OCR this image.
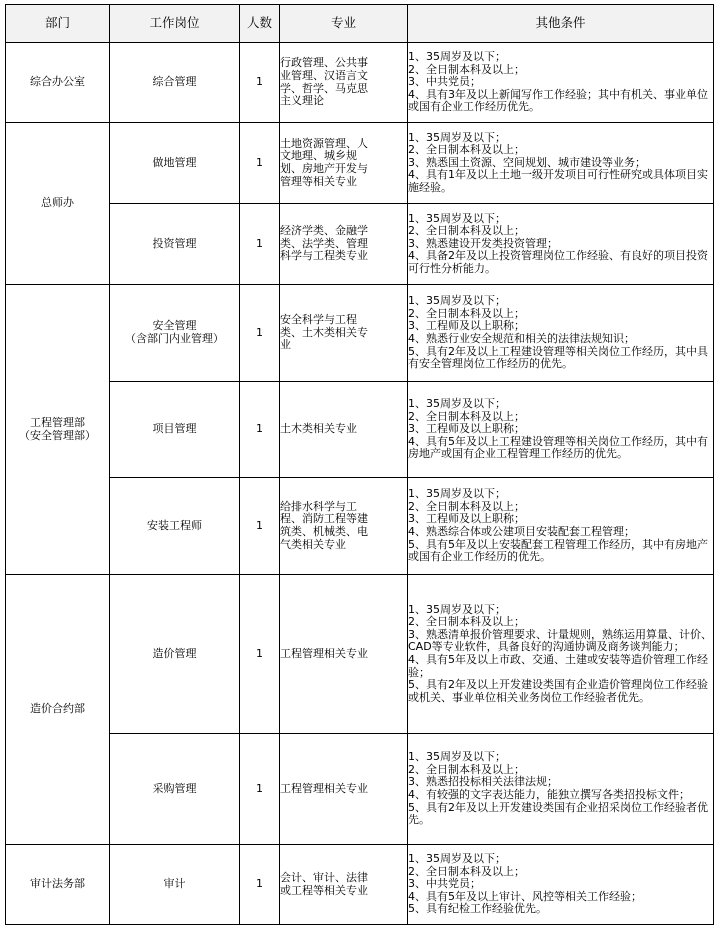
部门	工作岗位	人数	专业	其他条件

综合办公室	综合管理	1	行政管理、公共事
业管理、汉语言文
学、哲学、马克思
主义理论	1、35周岁及以下；
2、全日制本科及以上；
3、中共党员；
4、具有3年及以上新闻写作工作经验；其中有机关、事业单位或国有企业工作经历优先。

总师办	做地管理	1	土地资源管理、人
文地理、城乡规
划、房地产开发与
管理等相关专业	1、35周岁及以下；
2、全日制本科及以上；
3、熟悉国土资源、空间规划、城市建设等业务；
4、具有1年及以上土地一级开发项目可行性研究或具体项目实施经验。

	投资管理	1	经济学类、金融学
类、法学类、管理
科学与工程类专业	1、35周岁及以下；
2、全日制本科及以上；
3、熟悉建设开发类投资管理；
4、具备2年及以上投资管理岗位工作经验、有良好的项目投资可行性分析能力。

工程管理部
（安全管理部）	安全管理
（含部门内业管理）	1	安全科学与工程
类、土木类相关专
业	1、35周岁及以下；
2、全日制本科及以上；
3、工程师及以上职称；
4、熟悉行业安全规范和相关的法律法规知识；
5、具有2年及以上工程建设管理等相关岗位工作经历，其中具有安全管理岗位工作经历的优先。

	项目管理	1	土木类相关专业	1、35周岁及以下；
2、全日制本科及以上；
3、工程师及以上职称；
4、具有5年及以上工程建设管理等相关岗位工作经历，其中有房地产或国有企业工程管理工作经历的优先。

	安装工程师	1	给排水科学与工
程、消防工程等建
筑类、机械类、电
气类相关专业	1、35周岁及以下；
2、全日制本科及以上；
3、工程师及以上职称；
4、熟悉综合体或公建项目安装配套工程管理；
5、具有5年及以上安装配套工程管理工作经历，其中有房地产或国有企业工作经历的优先。

造价合约部	造价管理	1	工程管理相关专业	1、35周岁及以下；
2、全日制本科及以上；
3、熟悉清单报价管理要求、计量规则，熟练运用算量、计价、CAD等专业软件，具备良好的沟通协调及商务谈判能力；
4、具有5年及以上市政、交通、土建或安装等造价管理工作经验；
5、具有2年及以上开发建设类国有企业造价管理岗位工作经验或机关、事业单位相关业务岗位工作经验者优先。

	采购管理	1	工程管理相关专业	1、35周岁及以下；
2、全日制本科及以上；
3、熟悉招投标相关法律法规；
4、有较强的文字表达能力，能独立撰写各类招投标文件；
5、具有2年及以上开发建设类国有企业招采岗位工作经验者优先。

审计法务部	审计	1	会计、审计、法律
或工程等相关专业	1、35周岁及以下；
2、全日制本科及以上；
3、中共党员；
4、具有5年及以上审计、风控等相关工作经验；
5、具有纪检工作经验优先。
